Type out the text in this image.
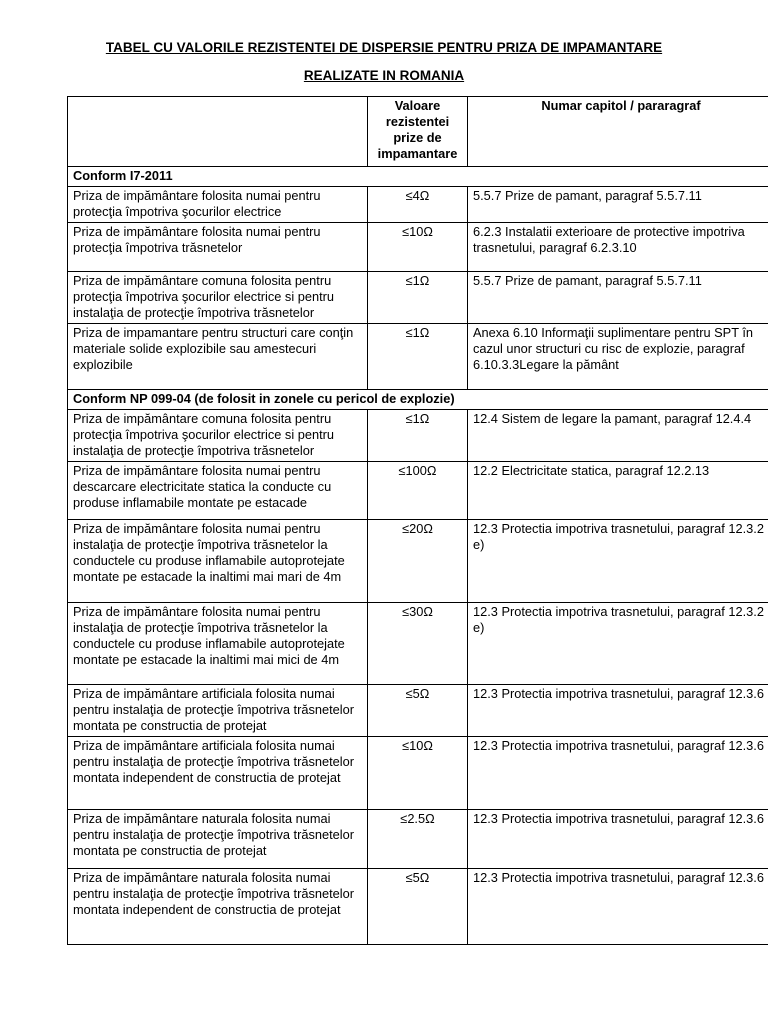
TABEL CU VALORILE REZISTENTEI DE DISPERSIE PENTRU PRIZA DE IMPAMANTARE
REALIZATE IN ROMANIA
	Valoare rezistentei prize de impamantare	Numar capitol / pararagraf
Conform I7-2011		
Priza de impământare folosita numai pentru protecţia împotriva şocurilor electrice	≤4Ω	5.5.7 Prize de pamant, paragraf 5.5.7.11
Priza de impământare folosita numai pentru protecţia împotriva trăsnetelor	≤10Ω	6.2.3 Instalatii exterioare de protective impotriva trasnetului, paragraf 6.2.3.10
Priza de impământare comuna folosita pentru protecţia împotriva şocurilor electrice si pentru instalaţia de protecţie împotriva trăsnetelor	≤1Ω	5.5.7 Prize de pamant, paragraf 5.5.7.11
Priza de impamantare pentru structuri care conţin materiale solide explozibile sau amestecuri explozibile	≤1Ω	Anexa 6.10 Informaţii suplimentare pentru SPT în cazul unor structuri cu risc de explozie, paragraf 6.10.3.3Legare la pământ
Conform NP 099-04 (de folosit in zonele cu pericol de explozie)		
Priza de impământare comuna folosita pentru protecţia împotriva şocurilor electrice si pentru instalaţia de protecţie împotriva trăsnetelor	≤1Ω	12.4 Sistem de legare la pamant, paragraf 12.4.4
Priza de impământare folosita numai pentru descarcare electricitate statica la conducte cu produse inflamabile montate pe estacade	≤100Ω	12.2 Electricitate statica, paragraf 12.2.13
Priza de impământare folosita numai pentru instalaţia de protecţie împotriva trăsnetelor la conductele cu produse inflamabile autoprotejate montate pe estacade la inaltimi mai mari de 4m	≤20Ω	12.3 Protectia impotriva trasnetului, paragraf 12.3.2 e)
Priza de impământare folosita numai pentru instalaţia de protecţie împotriva trăsnetelor la conductele cu produse inflamabile autoprotejate montate pe estacade la inaltimi mai mici de 4m	≤30Ω	12.3 Protectia impotriva trasnetului, paragraf 12.3.2 e)
Priza de impământare artificiala folosita numai pentru instalaţia de protecţie împotriva trăsnetelor montata pe constructia de protejat	≤5Ω	12.3 Protectia impotriva trasnetului, paragraf 12.3.6
Priza de impământare artificiala folosita numai pentru instalaţia de protecţie împotriva trăsnetelor montata independent de constructia de protejat	≤10Ω	12.3 Protectia impotriva trasnetului, paragraf 12.3.6
Priza de impământare naturala folosita numai pentru instalaţia de protecţie împotriva trăsnetelor montata pe constructia de protejat	≤2.5Ω	12.3 Protectia impotriva trasnetului, paragraf 12.3.6
Priza de impământare naturala folosita numai pentru instalaţia de protecţie împotriva trăsnetelor montata independent de constructia de protejat	≤5Ω	12.3 Protectia impotriva trasnetului, paragraf 12.3.6
